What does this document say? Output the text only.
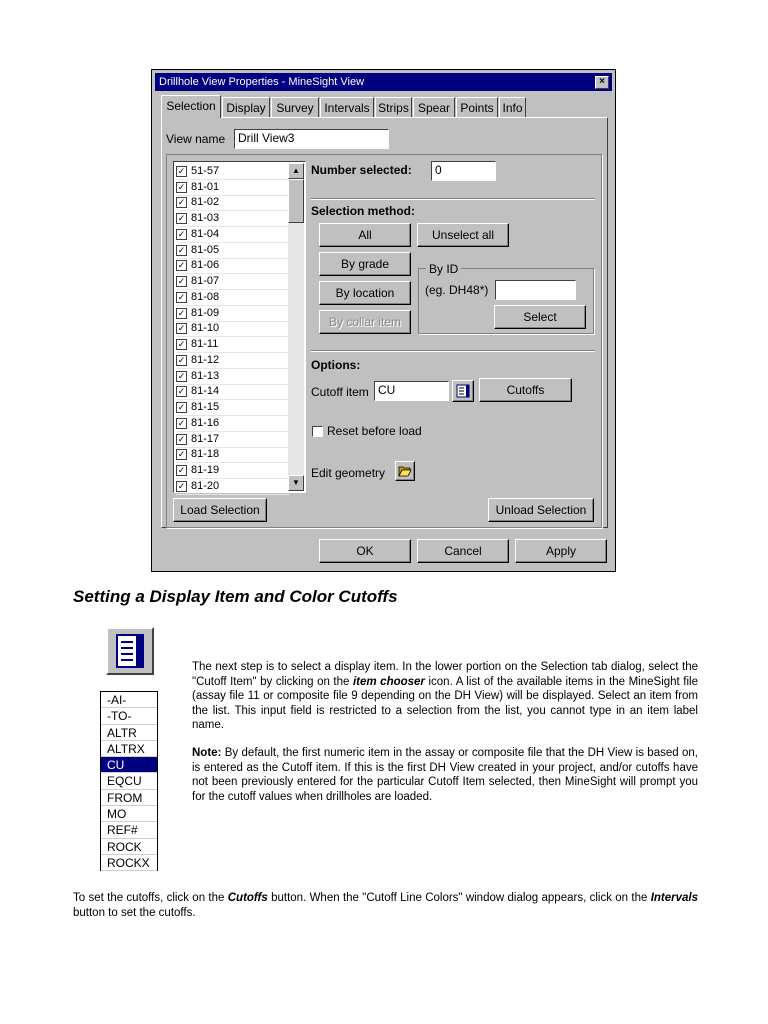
Drillhole View Properties - MineSight View	×
Selection Display Survey Intervals Strips Spear Points Info
View name	Drill View3
✓ 51-57
✓ 81-01
✓ 81-02
✓ 81-03
✓ 81-04
✓ 81-05
✓ 81-06
✓ 81-07
✓ 81-08
✓ 81-09
✓ 81-10
✓ 81-11
✓ 81-12
✓ 81-13
✓ 81-14
✓ 81-15
✓ 81-16
✓ 81-17
✓ 81-18
✓ 81-19
✓ 81-20
▲
▼
Number selected:	0
Selection method:
All	Unselect all
By grade
By location
By collar item
By ID
(eg. DH48*)
Select
Options:
Cutoff item CU	Cutoffs
Reset before load
Edit geometry
Load Selection	Unload Selection
OK	Cancel	Apply
Setting a Display Item and Color Cutoffs
-AI-
-TO-
ALTR
ALTRX
CU
EQCU
FROM
MO
REF#
ROCK
ROCKX
The next step is to select a display item. In the lower portion on the Selection tab dialog, select the "Cutoff Item" by clicking on the item chooser icon. A list of the available items in the MineSight file (assay file 11 or composite file 9 depending on the DH View) will be displayed. Select an item from the list. This input field is restricted to a selection from the list, you cannot type in an item label name.
Note: By default, the first numeric item in the assay or composite file that the DH View is based on, is entered as the Cutoff item. If this is the first DH View created in your project, and/or cutoffs have not been previously entered for the particular Cutoff Item selected, then MineSight will prompt you for the cutoff values when drillholes are loaded.
To set the cutoffs, click on the Cutoffs button. When the "Cutoff Line Colors" window dialog appears, click on the Intervals button to set the cutoffs.
